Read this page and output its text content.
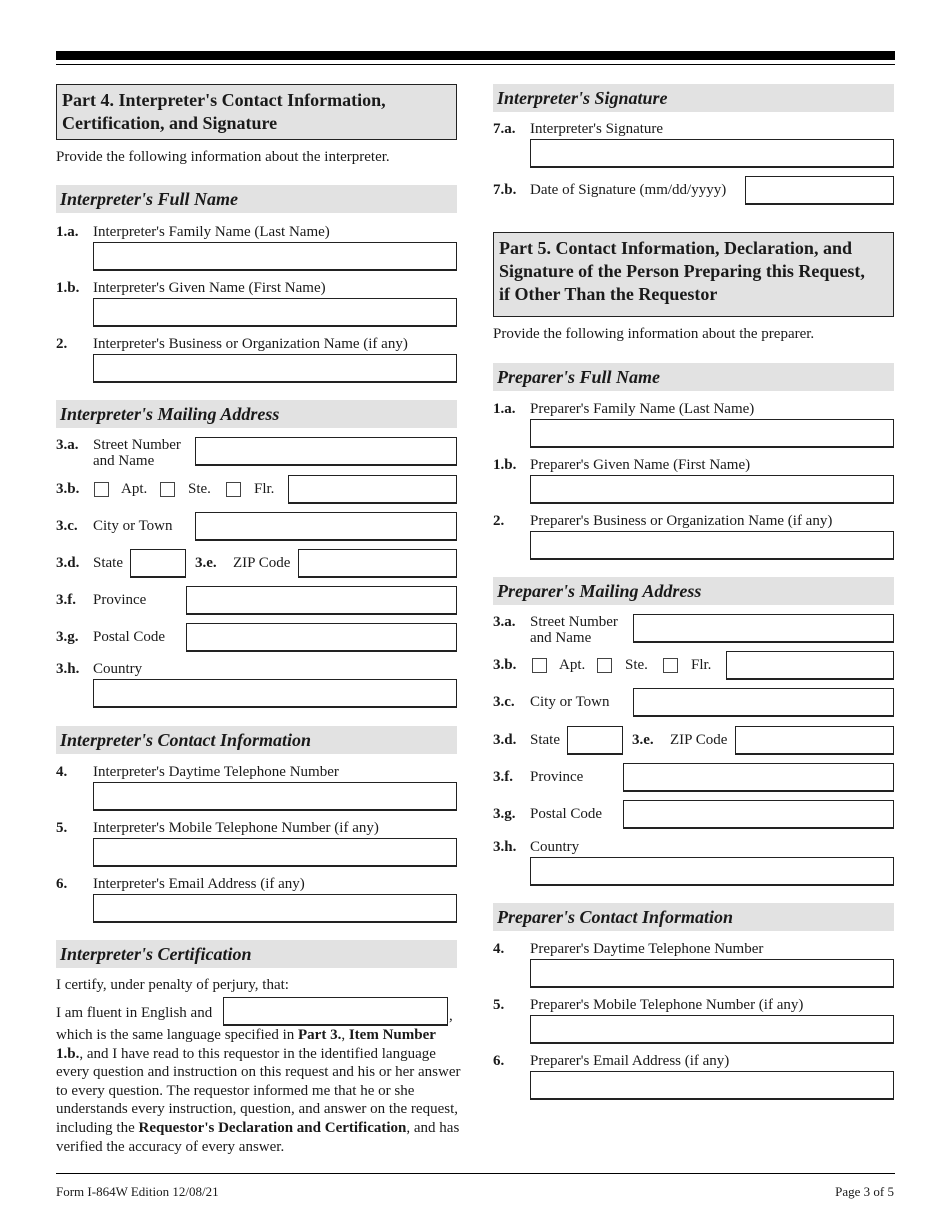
Part 4. Interpreter's Contact Information,
Certification, and Signature
Provide the following information about the interpreter.
Interpreter's Full Name
1.a. Interpreter's Family Name (Last Name)
1.b. Interpreter's Given Name (First Name)
2. Interpreter's Business or Organization Name (if any)
Interpreter's Mailing Address
3.a. Street Number
and Name
3.b.	Apt.	Ste.	Flr.
3.c. City or Town
3.d. State	3.e. ZIP Code
3.f. Province
3.g. Postal Code
3.h. Country
Interpreter's Contact Information
4. Interpreter's Daytime Telephone Number
5. Interpreter's Mobile Telephone Number (if any)
6. Interpreter's Email Address (if any)
Interpreter's Certification
I certify, under penalty of perjury, that:
I am fluent in English and	,
which is the same language specified in Part 3., Item Number 1.b., and I have read to this requestor in the identified language every question and instruction on this request and his or her answer to every question. The requestor informed me that he or she understands every instruction, question, and answer on the request, including the Requestor's Declaration and Certification, and has verified the accuracy of every answer.
Interpreter's Signature
7.a. Interpreter's Signature
7.b. Date of Signature (mm/dd/yyyy)
Part 5. Contact Information, Declaration, and
Signature of the Person Preparing this Request,
if Other Than the Requestor
Provide the following information about the preparer.
Preparer's Full Name
1.a. Preparer's Family Name (Last Name)
1.b. Preparer's Given Name (First Name)
2. Preparer's Business or Organization Name (if any)
Preparer's Mailing Address
3.a. Street Number
and Name
3.b.	Apt.	Ste.	Flr.
3.c. City or Town
3.d. State	3.e. ZIP Code
3.f. Province
3.g. Postal Code
3.h. Country
Preparer's Contact Information
4. Preparer's Daytime Telephone Number
5. Preparer's Mobile Telephone Number (if any)
6. Preparer's Email Address (if any)
Form I-864W Edition 12/08/21	Page 3 of 5
